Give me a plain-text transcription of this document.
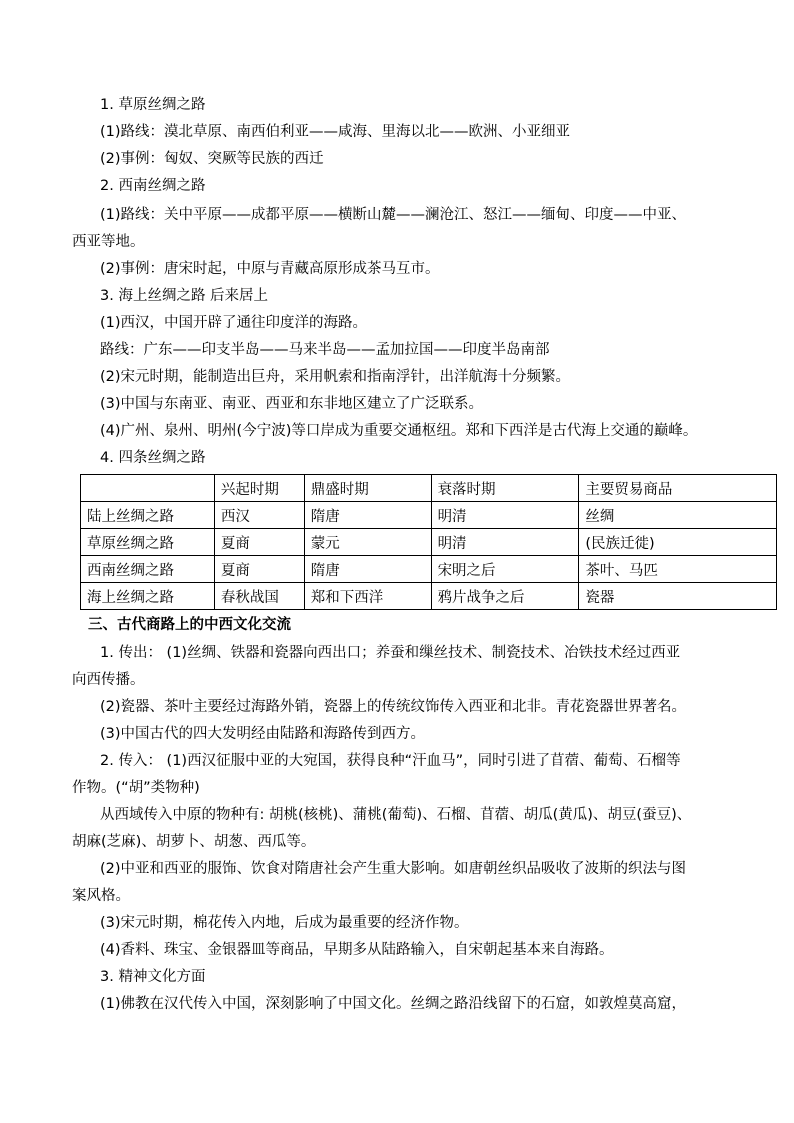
1. 草原丝绸之路
(1)路线：漠北草原、南西伯利亚——咸海、里海以北——欧洲、小亚细亚
(2)事例：匈奴、突厥等民族的西迁
2. 西南丝绸之路
(1)路线：关中平原——成都平原——横断山麓——澜沧江、怒江——缅甸、印度——中亚、
西亚等地。
(2)事例：唐宋时起，中原与青藏高原形成茶马互市。
3. 海上丝绸之路 后来居上
(1)西汉，中国开辟了通往印度洋的海路。
路线：广东——印支半岛——马来半岛——孟加拉国——印度半岛南部
(2)宋元时期，能制造出巨舟，采用帆索和指南浮针，出洋航海十分频繁。
(3)中国与东南亚、南亚、西亚和东非地区建立了广泛联系。
(4)广州、泉州、明州(今宁波)等口岸成为重要交通枢纽。郑和下西洋是古代海上交通的巅峰。
4. 四条丝绸之路
三、古代商路上的中西文化交流
1. 传出： (1)丝绸、铁器和瓷器向西出口；养蚕和缫丝技术、制瓷技术、冶铁技术经过西亚
向西传播。
(2)瓷器、茶叶主要经过海路外销，瓷器上的传统纹饰传入西亚和北非。青花瓷器世界著名。
(3)中国古代的四大发明经由陆路和海路传到西方。
2. 传入： (1)西汉征服中亚的大宛国，获得良种“汗血马”，同时引进了苜蓿、葡萄、石榴等
作物。(“胡”类物种)
从西域传入中原的物种有: 胡桃(核桃)、蒲桃(葡萄)、石榴、苜蓿、胡瓜(黄瓜)、胡豆(蚕豆)、
胡麻(芝麻)、胡萝卜、胡葱、西瓜等。
(2)中亚和西亚的服饰、饮食对隋唐社会产生重大影响。如唐朝丝织品吸收了波斯的织法与图
案风格。
(3)宋元时期，棉花传入内地，后成为最重要的经济作物。
(4)香料、珠宝、金银器皿等商品，早期多从陆路输入，自宋朝起基本来自海路。
3. 精神文化方面
(1)佛教在汉代传入中国，深刻影响了中国文化。丝绸之路沿线留下的石窟，如敦煌莫高窟，
	兴起时期	鼎盛时期	衰落时期	主要贸易商品
陆上丝绸之路	西汉	隋唐	明清	丝绸
草原丝绸之路	夏商	蒙元	明清	(民族迁徙)
西南丝绸之路	夏商	隋唐	宋明之后	茶叶、马匹
海上丝绸之路	春秋战国	郑和下西洋	鸦片战争之后	瓷器
